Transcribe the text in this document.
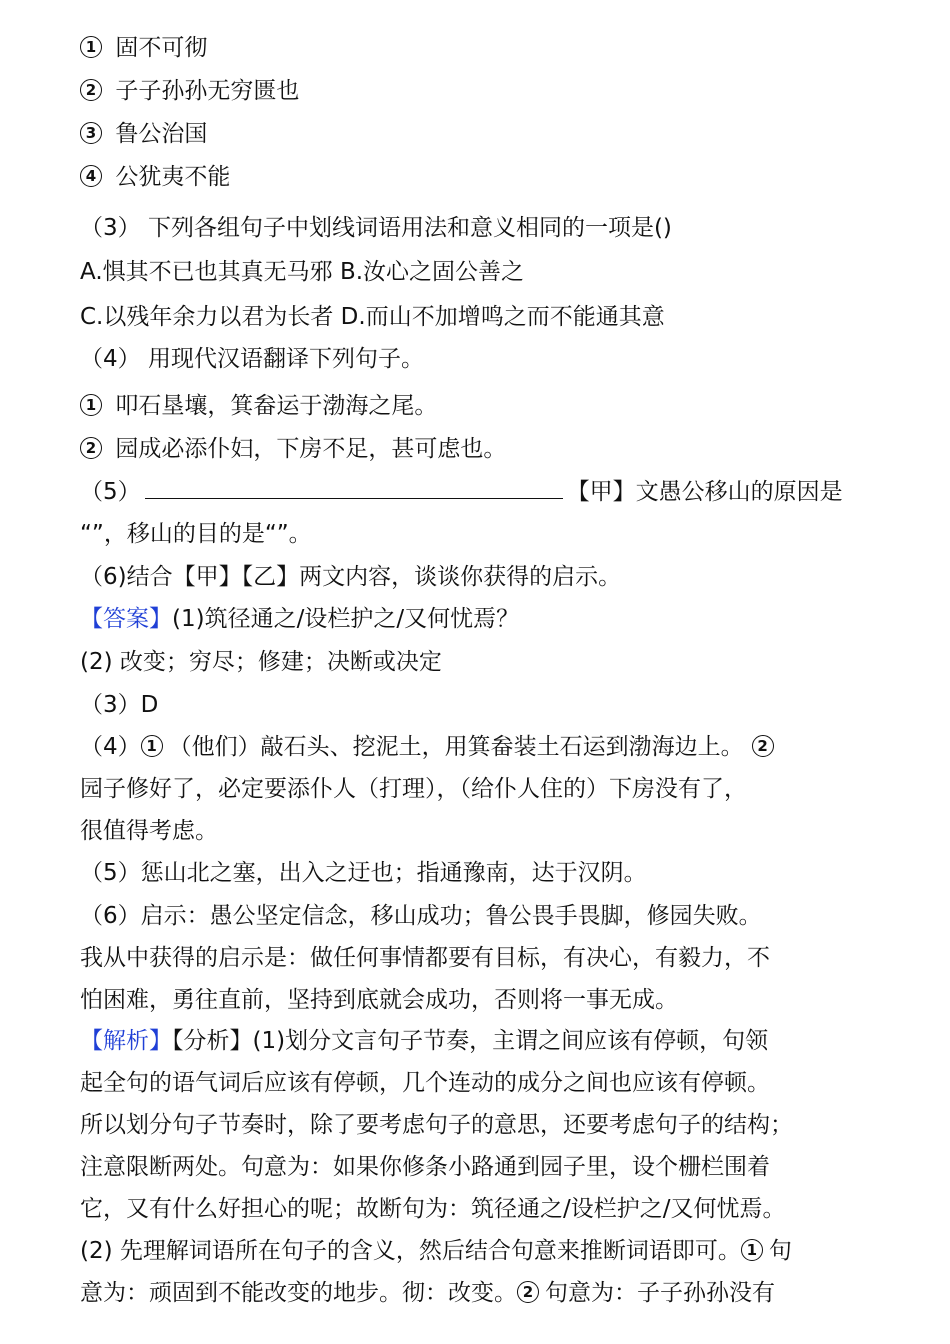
1 固不可彻
2 子子孙孙无穷匮也
3 鲁公治国
4 公犹夷不能
（3） 下列各组句子中划线词语用法和意义相同的一项是()
A.惧其不已也其真无马邪 B.汝心之固公善之
C.以残年余力以君为长者 D.而山不加增鸣之而不能通其意
（4） 用现代汉语翻译下列句子。
1 叩石垦壤，箕畚运于渤海之尾。
2 园成必添仆妇，下房不足，甚可虑也。
（5）	【甲】文愚公移山的原因是
“”，移山的目的是“”。
（6)结合【甲】【乙】两文内容，谈谈你获得的启示。
【答案】(1)筑径通之/设栏护之/又何忧焉？
(2) 改变；穷尽；修建；决断或决定
（3）D
（4） 1 （他们）敲石头、挖泥土，用箕畚装土石运到渤海边上。 2
园子修好了，必定要添仆人（打理），（给仆人住的）下房没有了，
很值得考虑。
（5）惩山北之塞，出入之迂也；指通豫南，达于汉阴。
（6）启示：愚公坚定信念，移山成功；鲁公畏手畏脚，修园失败。
我从中获得的启示是：做任何事情都要有目标，有决心，有毅力，不
怕困难，勇往直前，坚持到底就会成功，否则将一事无成。
【解析】【分析】(1)划分文言句子节奏，主谓之间应该有停顿，句领
起全句的语气词后应该有停顿，几个连动的成分之间也应该有停顿。
所以划分句子节奏时，除了要考虑句子的意思，还要考虑句子的结构；
注意限断两处。句意为：如果你修条小路通到园子里，设个栅栏围着
它，又有什么好担心的呢；故断句为：筑径通之/设栏护之/又何忧焉。
(2) 先理解词语所在句子的含义，然后结合句意来推断词语即可。 1 句
意为：顽固到不能改变的地步。彻：改变。 2 句意为：子子孙孙没有
